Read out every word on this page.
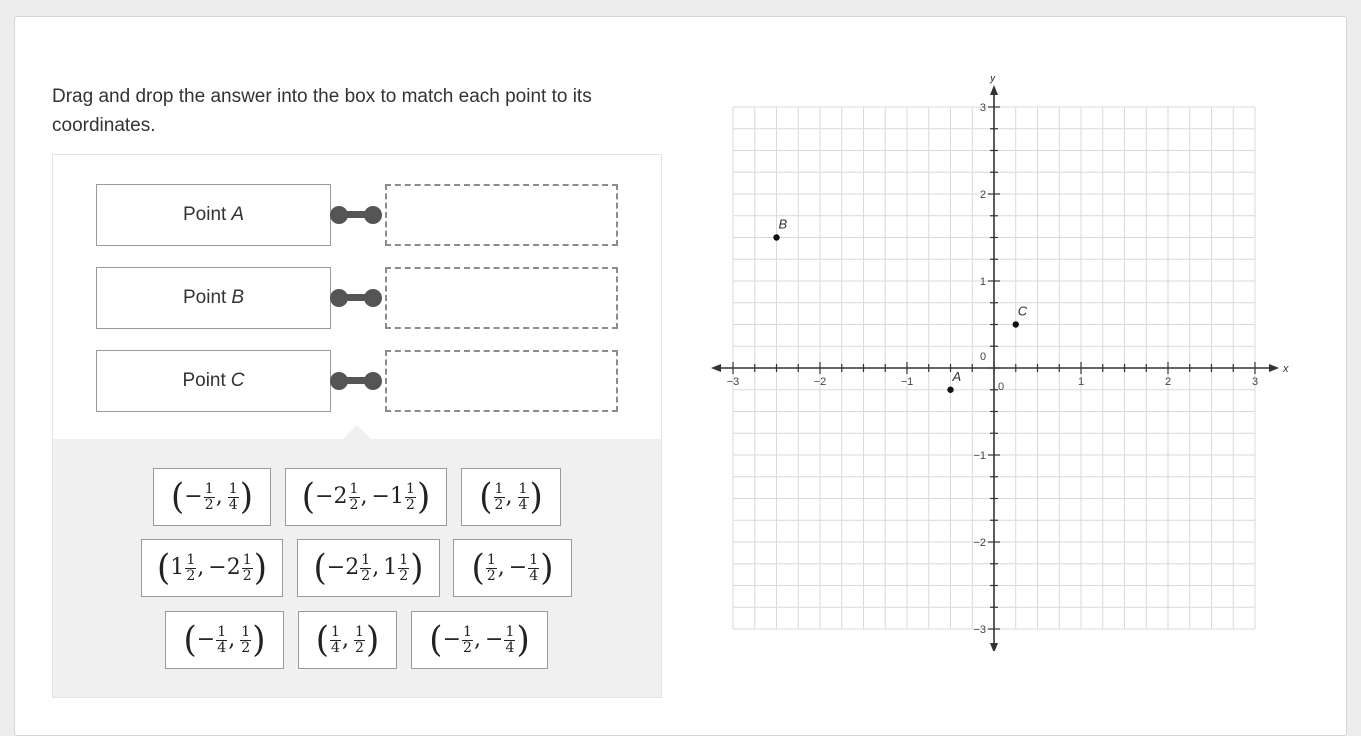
Drag and drop the answer into the box to match each point to its coordinates.
Point A
Point B
Point C
( − $\frac{1}{2}$ , $\frac{1}{4}$ ) ( − $2 \frac{1}{2}$ , − $1 \frac{1}{2}$ ) ( $\frac{1}{2}$ , $\frac{1}{4}$ )
( $1 \frac{1}{2}$ , − $2 \frac{1}{2}$ ) ( − $2 \frac{1}{2}$ , $1 \frac{1}{2}$ ) ( $\frac{1}{2}$ , − $\frac{1}{4}$ )
( − $\frac{1}{4}$ , $\frac{1}{2}$ ) ( $\frac{1}{4}$ , $\frac{1}{2}$ ) ( − $\frac{1}{2}$ , − $\frac{1}{4}$ )
−3	−2	−1	0	1	2	3
−3
−2
−1
1
2
3
0
x
y
A
B
C
